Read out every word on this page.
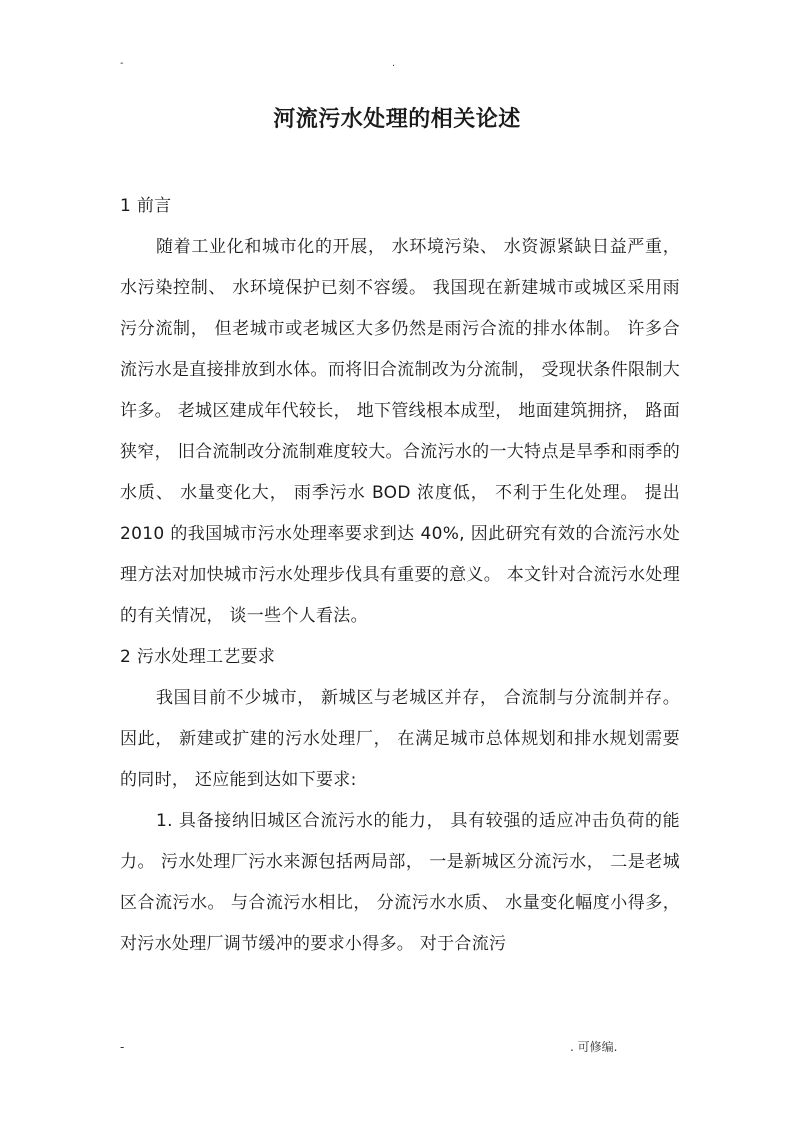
-	.
河流污水处理的相关论述
1 前言

随着工业化和城市化的开展， 水环境污染、 水资源紧缺日益严重， 水污染控制、 水环境保护已刻不容缓。 我国现在新建城市或城区采用雨污分流制， 但老城市或老城区大多仍然是雨污合流的排水体制。 许多合流污水是直接排放到水体。而将旧合流制改为分流制， 受现状条件限制大许多。 老城区建成年代较长， 地下管线根本成型， 地面建筑拥挤， 路面狭窄， 旧合流制改分流制难度较大。合流污水的一大特点是旱季和雨季的水质、 水量变化大， 雨季污水 BOD 浓度低， 不利于生化处理。 提出 2010 的我国城市污水处理率要求到达 40%, 因此研究有效的合流污水处理方法对加快城市污水处理步伐具有重要的意义。 本文针对合流污水处理的有关情况， 谈一些个人看法。

2 污水处理工艺要求

我国目前不少城市， 新城区与老城区并存， 合流制与分流制并存。 因此， 新建或扩建的污水处理厂， 在满足城市总体规划和排水规划需要的同时， 还应能到达如下要求:

1. 具备接纳旧城区合流污水的能力， 具有较强的适应冲击负荷的能力。 污水处理厂污水来源包括两局部， 一是新城区分流污水， 二是老城区合流污水。 与合流污水相比， 分流污水水质、 水量变化幅度小得多， 对污水处理厂调节缓冲的要求小得多。 对于合流污

-	. 可修编.
